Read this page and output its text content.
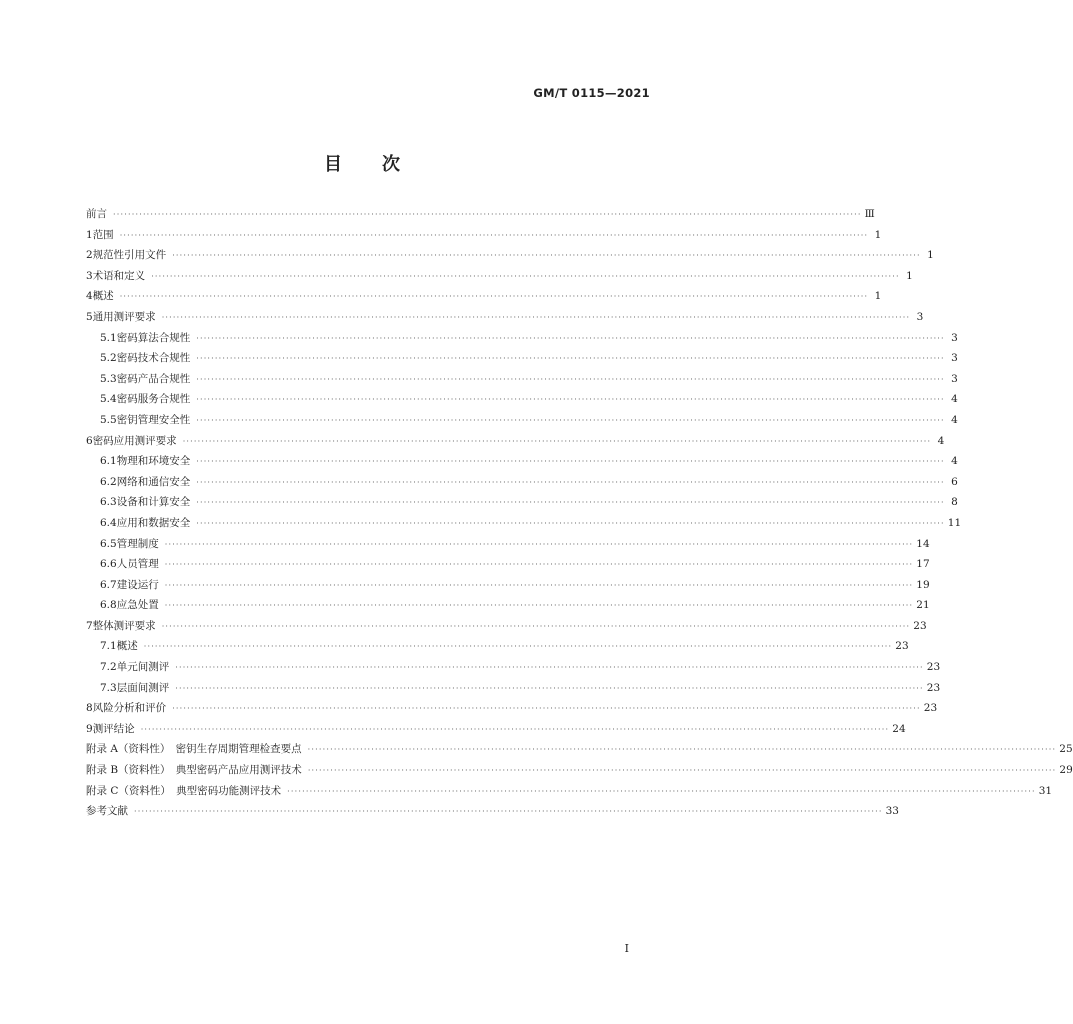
GM/T 0115—2021
目 次
前言 ········································································································································································································ Ⅲ
1 范围 ········································································································································································································ 1
2 规范性引用文件 ········································································································································································································ 1
3 术语和定义 ········································································································································································································ 1
4 概述 ········································································································································································································ 1
5 通用测评要求 ········································································································································································································ 3
5.1 密码算法合规性 ········································································································································································································ 3
5.2 密码技术合规性 ········································································································································································································ 3
5.3 密码产品合规性 ········································································································································································································ 3
5.4 密码服务合规性 ········································································································································································································ 4
5.5 密钥管理安全性 ········································································································································································································ 4
6 密码应用测评要求 ········································································································································································································ 4
6.1 物理和环境安全 ········································································································································································································ 4
6.2 网络和通信安全 ········································································································································································································ 6
6.3 设备和计算安全 ········································································································································································································ 8
6.4 应用和数据安全 ········································································································································································································ 11
6.5 管理制度 ········································································································································································································ 14
6.6 人员管理 ········································································································································································································ 17
6.7 建设运行 ········································································································································································································ 19
6.8 应急处置 ········································································································································································································ 21
7 整体测评要求 ········································································································································································································ 23
7.1 概述 ········································································································································································································ 23
7.2 单元间测评 ········································································································································································································ 23
7.3 层面间测评 ········································································································································································································ 23
8 风险分析和评价 ········································································································································································································ 23
9 测评结论 ········································································································································································································ 24
附录 A（资料性）　密钥生存周期管理检查要点 ········································································································································································································ 25
附录 B（资料性）　典型密码产品应用测评技术 ········································································································································································································ 29
附录 C（资料性）　典型密码功能测评技术 ········································································································································································································ 31
参考文献 ········································································································································································································ 33
I
